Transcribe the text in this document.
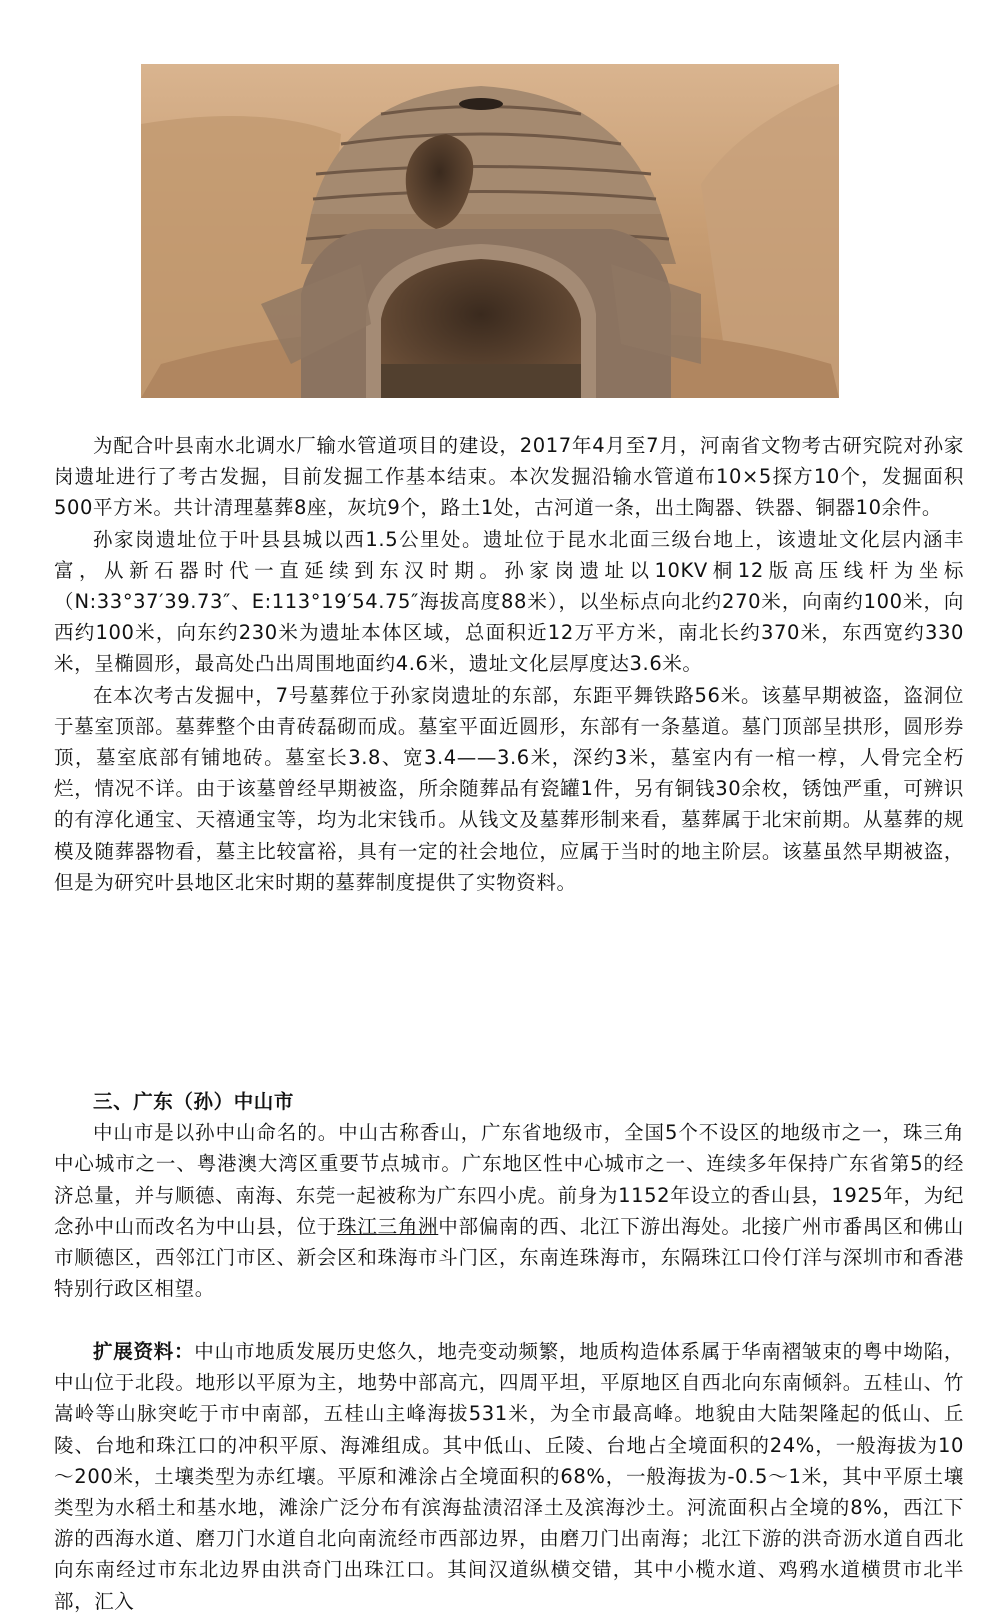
为配合叶县南水北调水厂输水管道项目的建设，2017年4月至7月，河南省文物考古研究院对孙家岗遗址进行了考古发掘，目前发掘工作基本结束。本次发掘沿输水管道布10×5探方10个，发掘面积500平方米。共计清理墓葬8座，灰坑9个，路土1处，古河道一条，出土陶器、铁器、铜器10余件。

孙家岗遗址位于叶县县城以西1.5公里处。遗址位于昆水北面三级台地上，该遗址文化层内涵丰富，从新石器时代一直延续到东汉时期。孙家岗遗址以10KV桐12版高压线杆为坐标（N:33°37′39.73″、E:113°19′54.75″海拔高度88米），以坐标点向北约270米，向南约100米，向西约100米，向东约230米为遗址本体区域，总面积近12万平方米，南北长约370米，东西宽约330米，呈椭圆形，最高处凸出周围地面约4.6米，遗址文化层厚度达3.6米。

在本次考古发掘中，7号墓葬位于孙家岗遗址的东部，东距平舞铁路56米。该墓早期被盗，盗洞位于墓室顶部。墓葬整个由青砖磊砌而成。墓室平面近圆形，东部有一条墓道。墓门顶部呈拱形，圆形券顶，墓室底部有铺地砖。墓室长3.8、宽3.4——3.6米，深约3米，墓室内有一棺一椁，人骨完全朽烂，情况不详。由于该墓曾经早期被盗，所余随葬品有瓷罐1件，另有铜钱30余枚，锈蚀严重，可辨识的有淳化通宝、天禧通宝等，均为北宋钱币。从钱文及墓葬形制来看，墓葬属于北宋前期。从墓葬的规模及随葬器物看，墓主比较富裕，具有一定的社会地位，应属于当时的地主阶层。该墓虽然早期被盗，但是为研究叶县地区北宋时期的墓葬制度提供了实物资料。

三、广东（孙）中山市

中山市是以孙中山命名的。中山古称香山，广东省地级市，全国5个不设区的地级市之一，珠三角中心城市之一、粤港澳大湾区重要节点城市。广东地区性中心城市之一、连续多年保持广东省第5的经济总量，并与顺德、南海、东莞一起被称为广东四小虎。前身为1152年设立的香山县，1925年，为纪念孙中山而改名为中山县，位于珠江三角洲中部偏南的西、北江下游出海处。北接广州市番禺区和佛山市顺德区，西邻江门市区、新会区和珠海市斗门区，东南连珠海市，东隔珠江口伶仃洋与深圳市和香港特别行政区相望。

扩展资料：中山市地质发展历史悠久，地壳变动频繁，地质构造体系属于华南褶皱束的粤中坳陷，中山位于北段。地形以平原为主，地势中部高亢，四周平坦，平原地区自西北向东南倾斜。五桂山、竹嵩岭等山脉突屹于市中南部，五桂山主峰海拔531米，为全市最高峰。地貌由大陆架隆起的低山、丘陵、台地和珠江口的冲积平原、海滩组成。其中低山、丘陵、台地占全境面积的24%，一般海拔为10～200米，土壤类型为赤红壤。平原和滩涂占全境面积的68%，一般海拔为-0.5～1米，其中平原土壤类型为水稻土和基水地，滩涂广泛分布有滨海盐渍沼泽土及滨海沙土。河流面积占全境的8%，西江下游的西海水道、磨刀门水道自北向南流经市西部边界，由磨刀门出南海；北江下游的洪奇沥水道自西北向东南经过市东北边界由洪奇门出珠江口。其间汉道纵横交错，其中小榄水道、鸡鸦水道横贯市北半部，汇入
